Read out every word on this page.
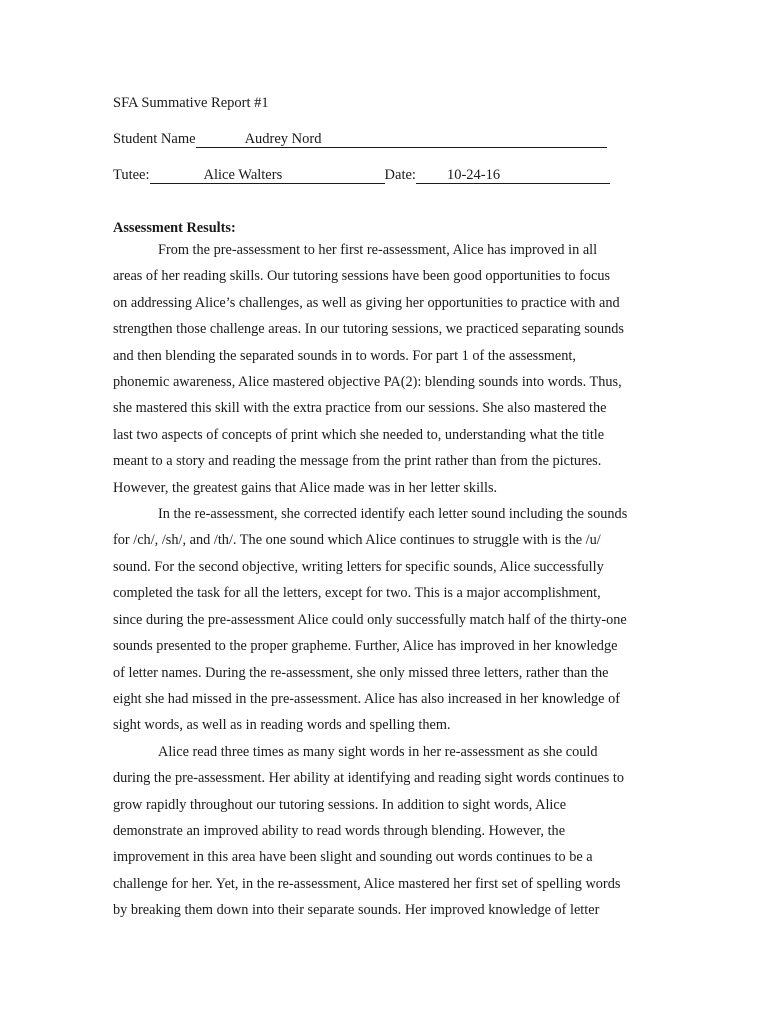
SFA Summative Report #1
Student Name	Audrey Nord
Tutee:	Alice Walters	Date: 10-24-16
Assessment Results:
From the pre-assessment to her first re-assessment, Alice has improved in all
areas of her reading skills. Our tutoring sessions have been good opportunities to focus
on addressing Alice’s challenges, as well as giving her opportunities to practice with and
strengthen those challenge areas. In our tutoring sessions, we practiced separating sounds
and then blending the separated sounds in to words. For part 1 of the assessment,
phonemic awareness, Alice mastered objective PA(2): blending sounds into words. Thus,
she mastered this skill with the extra practice from our sessions. She also mastered the
last two aspects of concepts of print which she needed to, understanding what the title
meant to a story and reading the message from the print rather than from the pictures.
However, the greatest gains that Alice made was in her letter skills.
In the re-assessment, she corrected identify each letter sound including the sounds
for /ch/, /sh/, and /th/. The one sound which Alice continues to struggle with is the /u/
sound. For the second objective, writing letters for specific sounds, Alice successfully
completed the task for all the letters, except for two. This is a major accomplishment,
since during the pre-assessment Alice could only successfully match half of the thirty-one
sounds presented to the proper grapheme. Further, Alice has improved in her knowledge
of letter names. During the re-assessment, she only missed three letters, rather than the
eight she had missed in the pre-assessment. Alice has also increased in her knowledge of
sight words, as well as in reading words and spelling them.
Alice read three times as many sight words in her re-assessment as she could
during the pre-assessment. Her ability at identifying and reading sight words continues to
grow rapidly throughout our tutoring sessions. In addition to sight words, Alice
demonstrate an improved ability to read words through blending. However, the
improvement in this area have been slight and sounding out words continues to be a
challenge for her. Yet, in the re-assessment, Alice mastered her first set of spelling words
by breaking them down into their separate sounds. Her improved knowledge of letter
